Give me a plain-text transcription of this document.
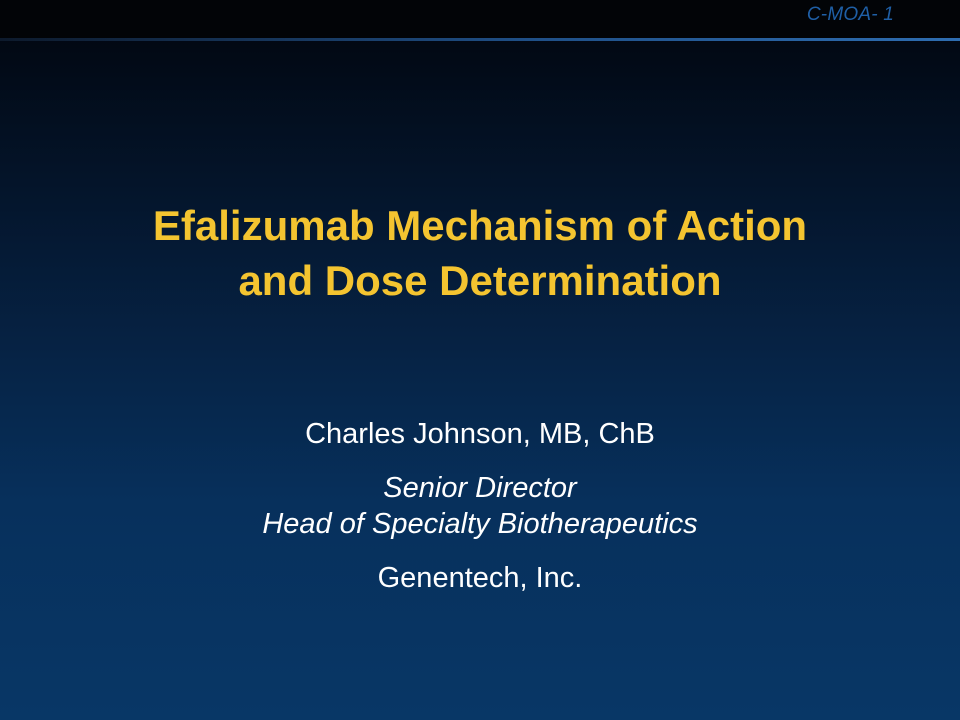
C-MOA- 1
Efalizumab Mechanism of Action
and Dose Determination
Charles Johnson, MB, ChB
Senior Director
Head of Specialty Biotherapeutics
Genentech, Inc.
